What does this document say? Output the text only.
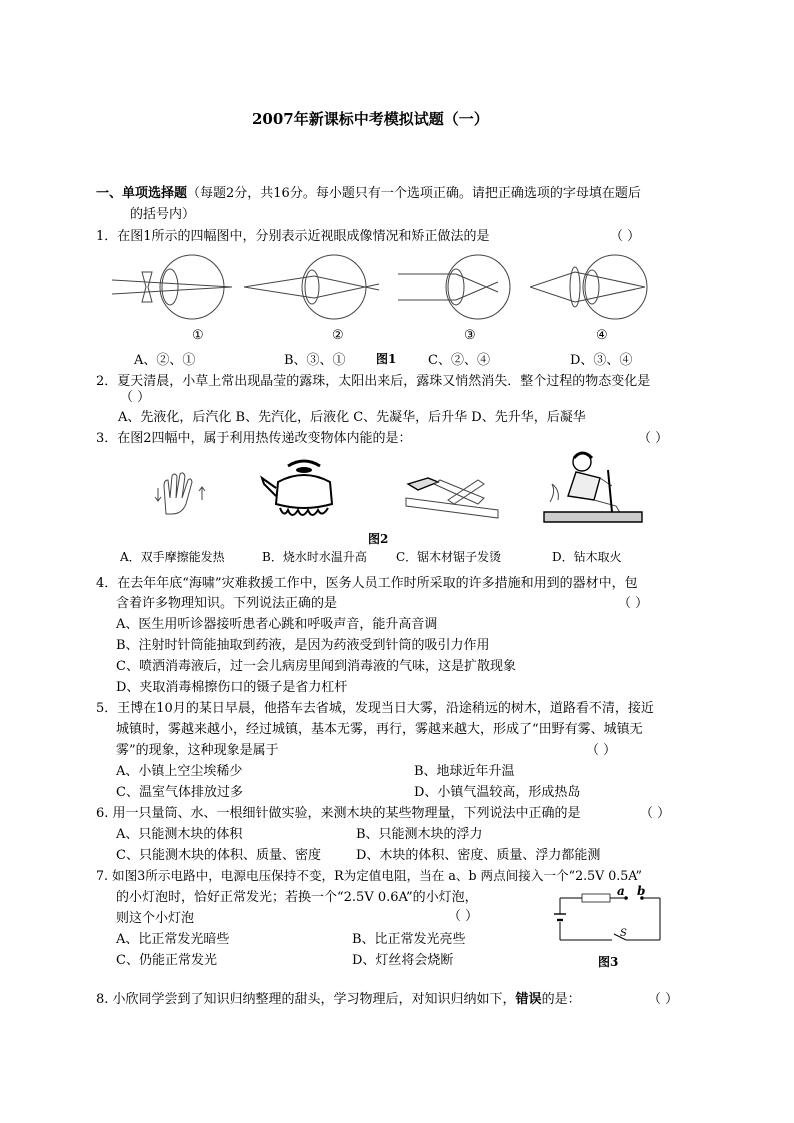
2007年新课标中考模拟试题（一）
一、单项选择题（每题2分，共16分。每小题只有一个选项正确。请把正确选项的字母填在题后
的括号内）
1．在图1所示的四幅图中，分别表示近视眼成像情况和矫正做法的是	（ ）
①	②	③	④
A、②、①	B、③、①	图1 C、②、④	D、③、④
2．夏天清晨，小草上常出现晶莹的露珠，太阳出来后，露珠又悄然消失．整个过程的物态变化是
（ ）
A、先液化，后汽化 B、先汽化，后液化 C、先凝华，后升华 D、先升华，后凝华
3．在图2四幅中，属于利用热传递改变物体内能的是：	（ ）
图2
A．双手摩擦能发热	B．烧水时水温升高 C．锯木材锯子发烫	D．钻木取火
4．在去年年底“海啸”灾难救援工作中，医务人员工作时所采取的许多措施和用到的器材中，包
含着许多物理知识。下列说法正确的是	（ ）
A、医生用听诊器接听患者心跳和呼吸声音，能升高音调
B、注射时针筒能抽取到药液，是因为药液受到针筒的吸引力作用
C、喷洒消毒液后，过一会儿病房里闻到消毒液的气味，这是扩散现象
D、夹取消毒棉擦伤口的镊子是省力杠杆
5．王博在10月的某日早晨，他搭车去省城，发现当日大雾，沿途稍远的树木，道路看不清，接近
城镇时，雾越来越小，经过城镇，基本无雾，再行，雾越来越大，形成了“田野有雾、城镇无
雾”的现象，这种现象是属于	（ ）
A、小镇上空尘埃稀少	B、地球近年升温
C、温室气体排放过多	D、小镇气温较高，形成热岛
6. 用一只量筒、水、一根细针做实验，来测木块的某些物理量，下列说法中正确的是	（ ）
A、只能测木块的体积	B、只能测木块的浮力
C、只能测木块的体积、质量、密度	D、木块的体积、密度、质量、浮力都能测
7. 如图3所示电路中，电源电压保持不变，R为定值电阻，当在 a、b 两点间接入一个“2.5V 0.5A”
的小灯泡时，恰好正常发光；若换一个“2.5V 0.6A”的小灯泡，
则这个小灯泡	（ ）
A、比正常发光暗些	B、比正常发光亮些
C、仍能正常发光	D、灯丝将会烧断
a b
S
图3
8. 小欣同学尝到了知识归纳整理的甜头，学习物理后，对知识归纳如下，错误的是：	（ ）
